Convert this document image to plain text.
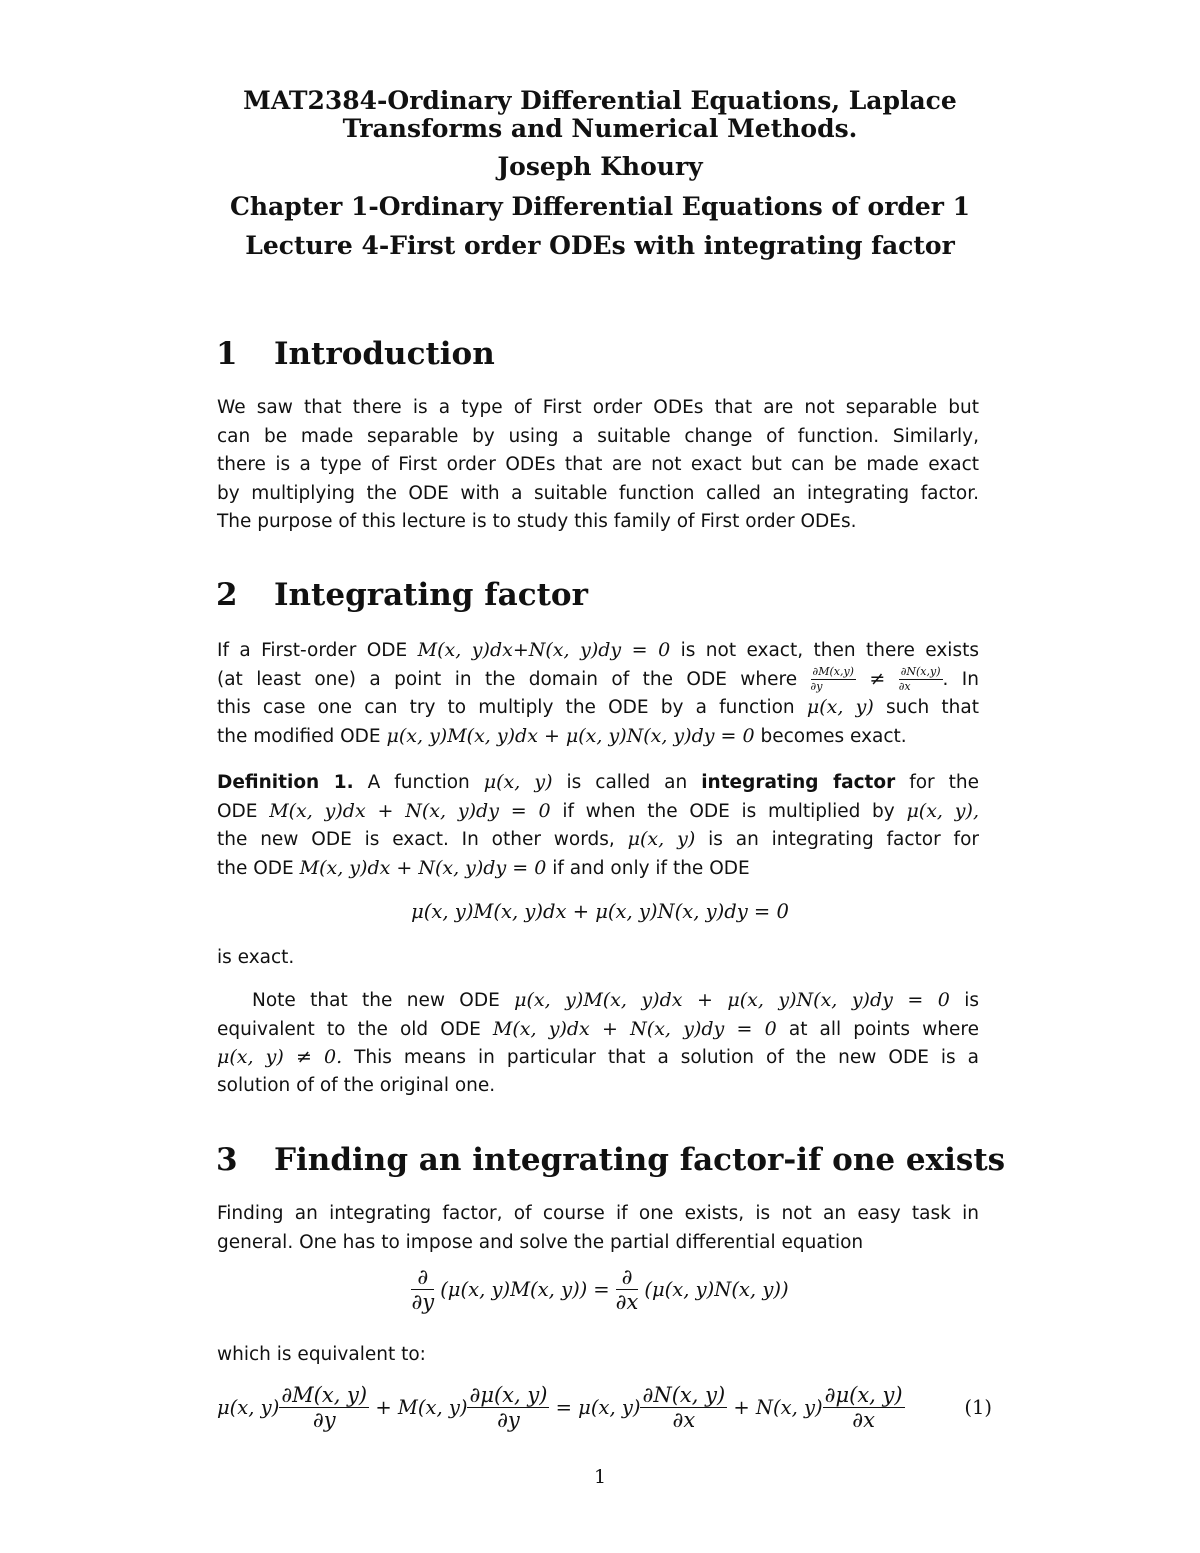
MAT2384-Ordinary Differential Equations, Laplace
Transforms and Numerical Methods.
Joseph Khoury
Chapter 1-Ordinary Differential Equations of order 1
Lecture 4-First order ODEs with integrating factor
1 Introduction
We saw that there is a type of First order ODEs that are not separable but
can be made separable by using a suitable change of function. Similarly,
there is a type of First order ODEs that are not exact but can be made exact
by multiplying the ODE with a suitable function called an integrating factor.
The purpose of this lecture is to study this family of First order ODEs.
2 Integrating factor
If a First-order ODE M(x, y)dx+N(x, y)dy = 0 is not exact, then there exists
(at least one) a point in the domain of the ODE where $\frac{\partial M(x,y)}{\partial y} \ne \frac{\partial N(x,y)}{\partial x}$ . In
this case one can try to multiply the ODE by a function μ(x, y) such that
the modified ODE μ(x, y)M(x, y)dx + μ(x, y)N(x, y)dy = 0 becomes exact.
Definition 1. A function μ(x, y) is called an integrating factor for the
ODE M(x, y)dx + N(x, y)dy = 0 if when the ODE is multiplied by μ(x, y),
the new ODE is exact. In other words, μ(x, y) is an integrating factor for
the ODE M(x, y)dx + N(x, y)dy = 0 if and only if the ODE
μ(x, y)M(x, y)dx + μ(x, y)N(x, y)dy = 0
is exact.
Note that the new ODE μ(x, y)M(x, y)dx + μ(x, y)N(x, y)dy = 0 is
equivalent to the old ODE M(x, y)dx + N(x, y)dy = 0 at all points where
μ(x, y) ≠ 0. This means in particular that a solution of the new ODE is a
solution of of the original one.
3 Finding an integrating factor-if one exists
Finding an integrating factor, of course if one exists, is not an easy task in
general. One has to impose and solve the partial differential equation
$\frac{\partial}{\partial y} (\mu(x$, y)M(x, $y)) = \frac{\partial}{\partial x} (\mu(x$, y)N(x, y))
which is equivalent to:
μ(x, $y) \frac{\partial M(x, y)}{\partial y}$
+
M(x, $y) \frac{\partial\mu(x, y)}{\partial y}$
=
μ(x, $y) \frac{\partial N(x, y)}{\partial x}$
+
N(x, $y) \frac{\partial\mu(x, y)}{\partial x}$	(1)
1
